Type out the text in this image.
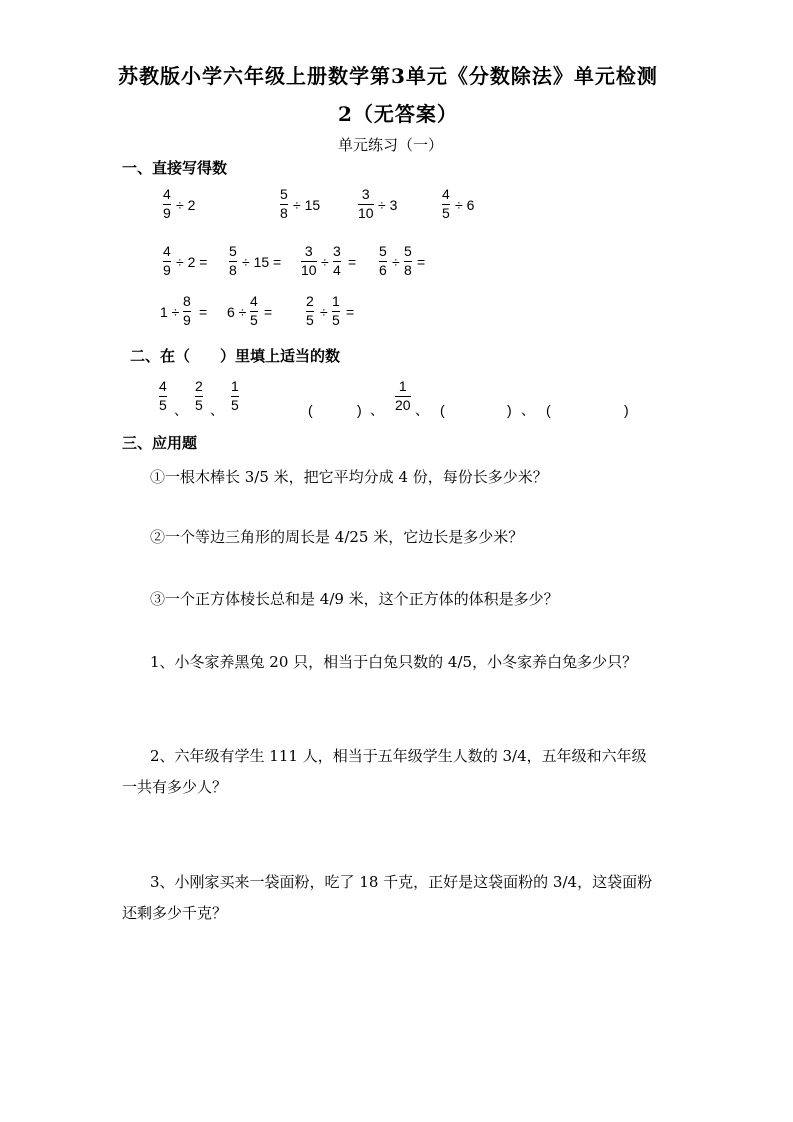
苏教版小学六年级上册数学第3单元《分数除法》单元检测
2（无答案）
单元练习（一）
一、直接写得数
4
9 ÷ 2
5
8 ÷ 15
3
10 ÷ 3
4
5 ÷ 6
4
9 ÷ 2 =
5
8 ÷ 15 =
3
10 ÷
3
4 =
5
6 ÷
5
8 =
1 ÷
8
9 = 6 ÷
4
5 =
2
5 ÷
1
5 =
二、在（　　）里填上适当的数
4
5 、
2
5 、
1
5	(	) 、
1
20 、 (	) 、 (	)
三、应用题
①一根木棒长 3/5 米，把它平均分成 4 份，每份长多少米？
②一个等边三角形的周长是 4/25 米，它边长是多少米？
③一个正方体棱长总和是 4/9 米，这个正方体的体积是多少？
1、小冬家养黑兔 20 只，相当于白兔只数的 4/5，小冬家养白兔多少只？
2、六年级有学生 111 人，相当于五年级学生人数的 3/4，五年级和六年级
一共有多少人？
3、小刚家买来一袋面粉，吃了 18 千克，正好是这袋面粉的 3/4，这袋面粉
还剩多少千克？
